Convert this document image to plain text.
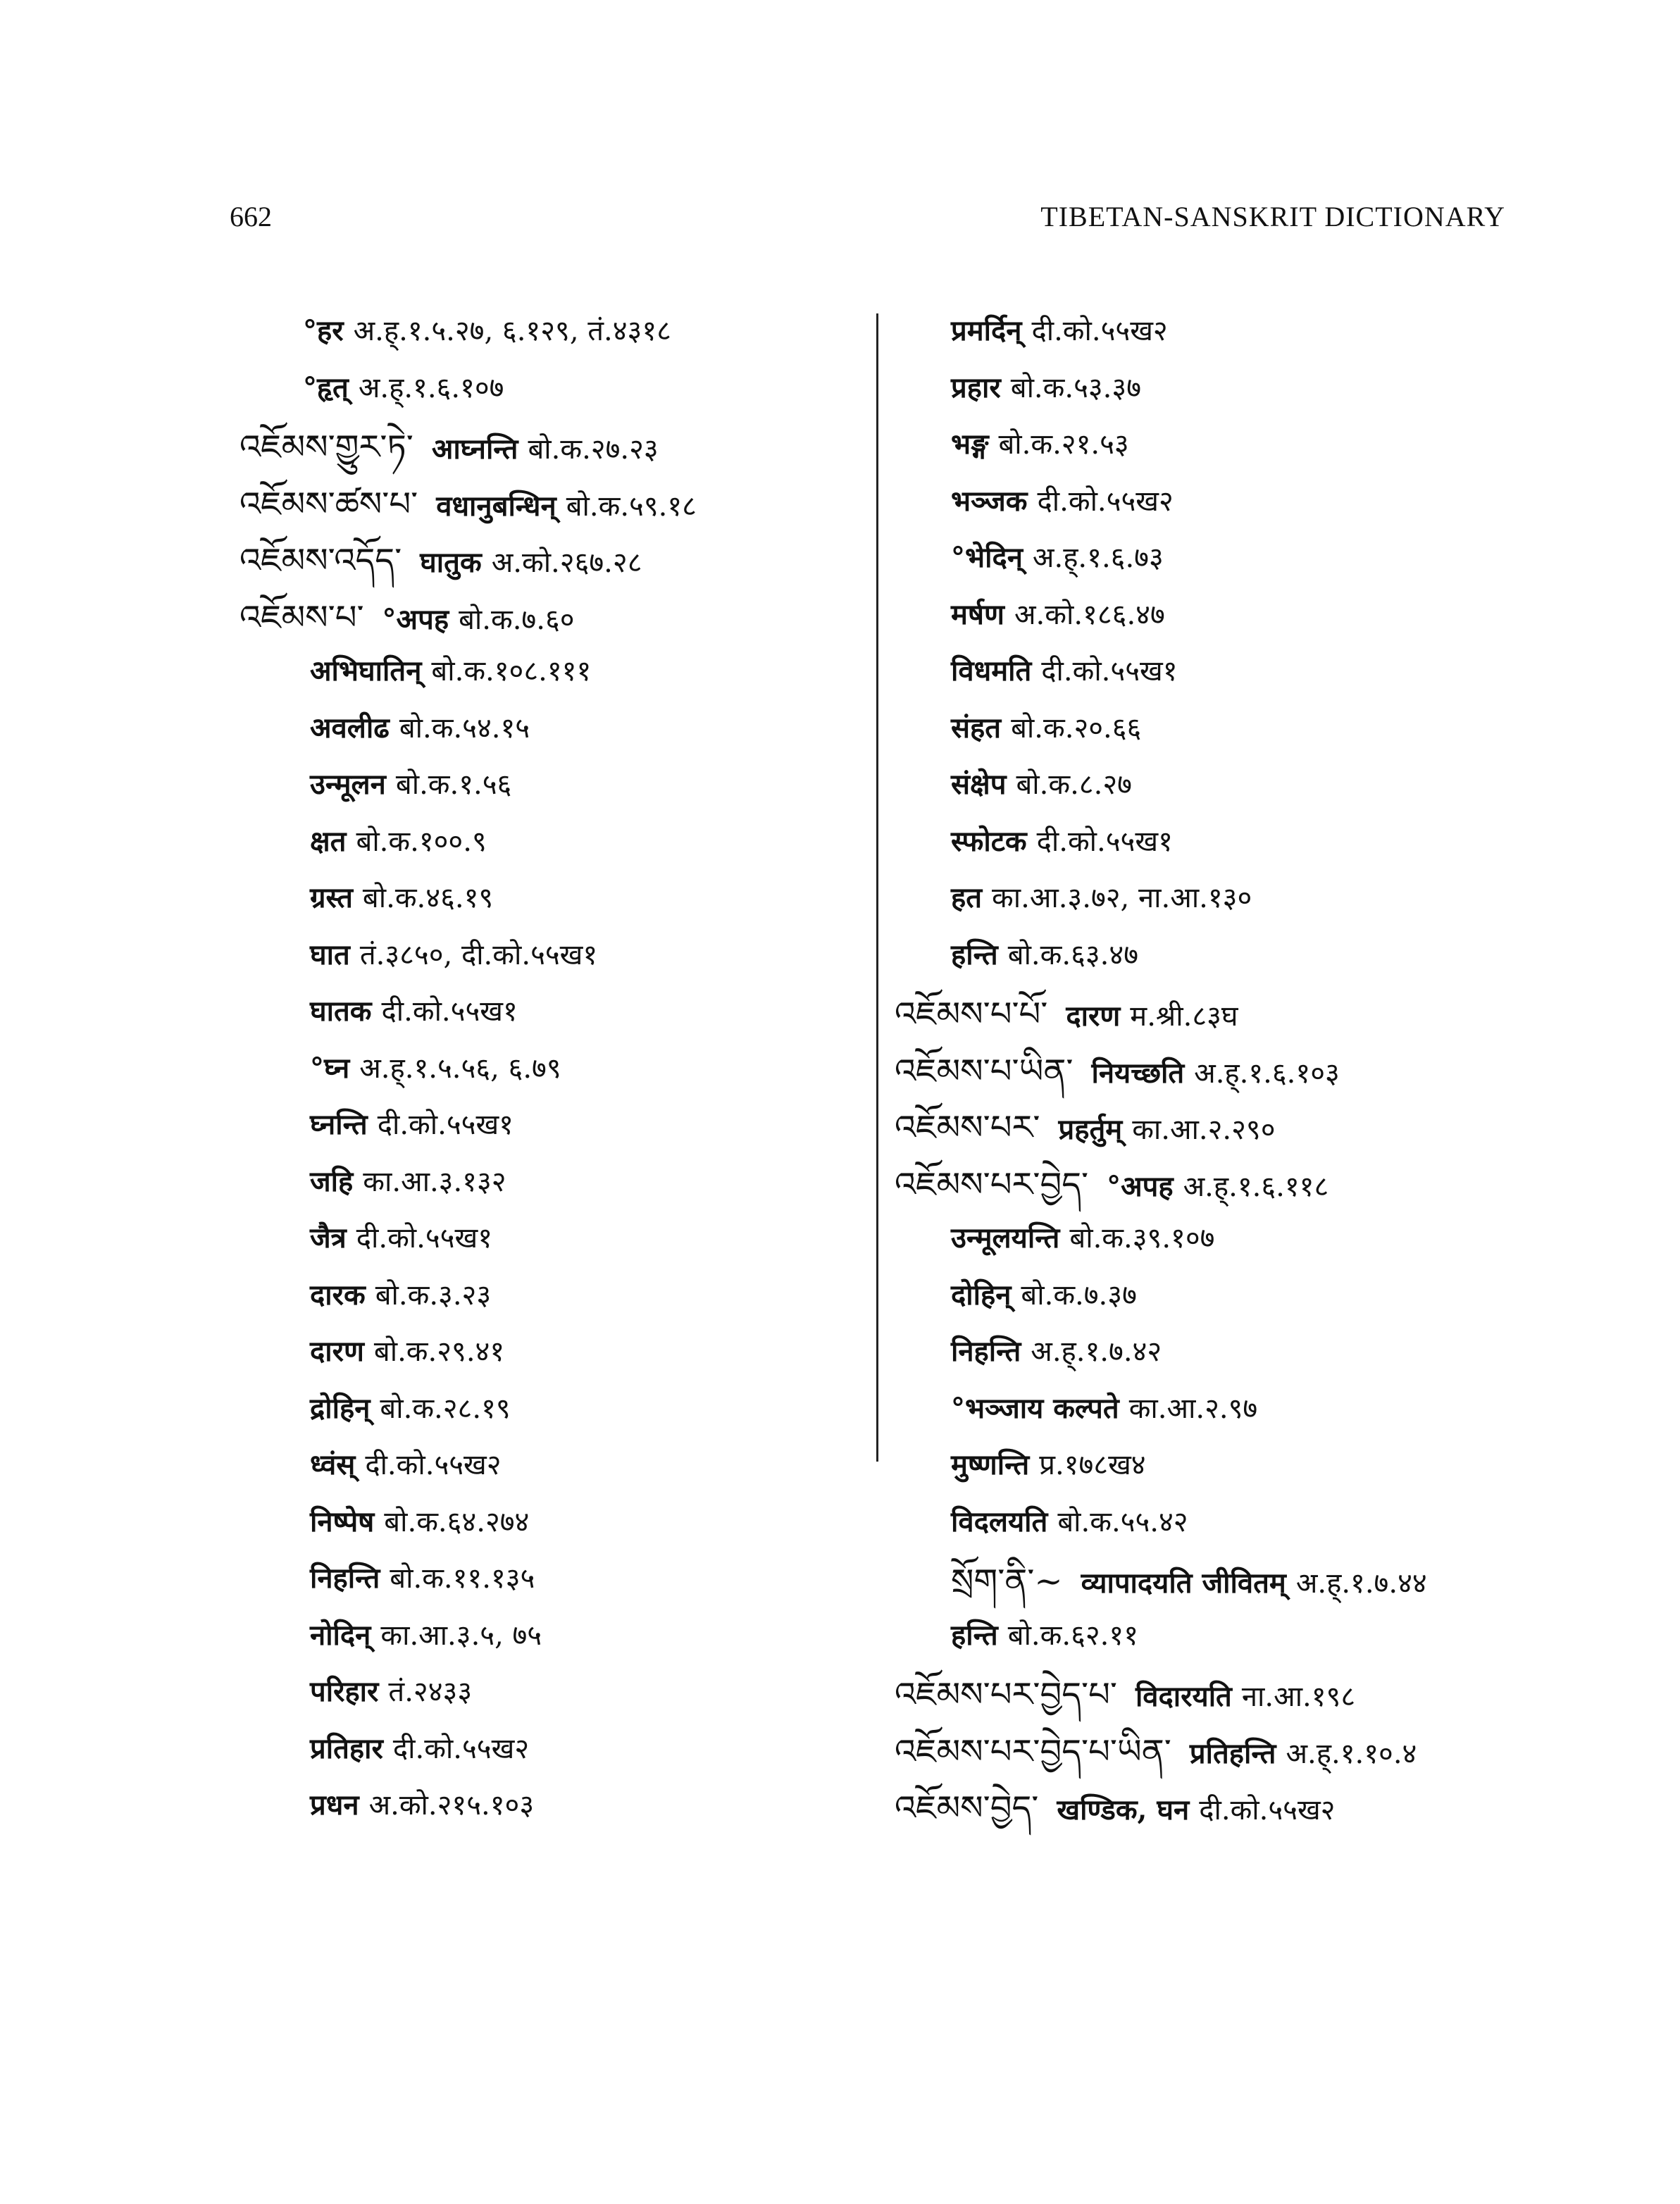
662	TIBETAN-SANSKRIT DICTIONARY
°हर अ.ह्.१.५.२७, ६.१२९, तं.४३१८
°हृत् अ.ह्.१.६.१०७
འཇོམས་གྱུར་ཏེ་ आघ्नन्ति बो.क.२७.२३
འཇོམས་ཚས་པ་ वधानुबन्धिन् बो.क.५९.१८
འཇོམས་འདོད་ घातुक अ.को.२६७.२८
འཇོམས་པ་ °अपह बो.क.७.६०
अभिघातिन् बो.क.१०८.१११
अवलीढ बो.क.५४.१५
उन्मूलन बो.क.१.५६
क्षत बो.क.१००.९
ग्रस्त बो.क.४६.१९
घात तं.३८५०, दी.को.५५ख१
घातक दी.को.५५ख१
°घ्न अ.ह्.१.५.५६, ६.७९
घ्नन्ति दी.को.५५ख१
जहि का.आ.३.१३२
जैत्र दी.को.५५ख१
दारक बो.क.३.२३
दारण बो.क.२९.४१
द्रोहिन् बो.क.२८.१९
ध्वंस् दी.को.५५ख२
निष्पेष बो.क.६४.२७४
निहन्ति बो.क.११.१३५
नोदिन् का.आ.३.५, ७५
परिहार तं.२४३३
प्रतिहार दी.को.५५ख२
प्रधन अ.को.२१५.१०३
प्रमर्दिन् दी.को.५५ख२
प्रहार बो.क.५३.३७
भङ्ग बो.क.२१.५३
भञ्जक दी.को.५५ख२
°भेदिन् अ.ह्.१.६.७३
मर्षण अ.को.१८६.४७
विधमति दी.को.५५ख१
संहत बो.क.२०.६६
संक्षेप बो.क.८.२७
स्फोटक दी.को.५५ख१
हत का.आ.३.७२, ना.आ.१३०
हन्ति बो.क.६३.४७
འཇོམས་པ་པོ་ दारण म.श्री.८३घ
འཇོམས་པ་ཡིན་ नियच्छति अ.ह्.१.६.१०३
འཇོམས་པར་ प्रहर्तुम् का.आ.२.२९०
འཇོམས་པར་བྱེད་ °अपह अ.ह्.१.६.११८
उन्मूलयन्ति बो.क.३९.१०७
दोहिन् बो.क.७.३७
निहन्ति अ.ह्.१.७.४२
°भञ्जाय कल्पते का.आ.२.९७
मुष्णन्ति प्र.१७८ख४
विदलयति बो.क.५५.४२
སྲོག་ནི་~ व्यापादयति जीवितम् अ.ह्.१.७.४४
हन्ति बो.क.६२.११
འཇོམས་པར་བྱེད་པ་ विदारयति ना.आ.१९८
འཇོམས་པར་བྱེད་པ་ཡིན་ प्रतिहन्ति अ.ह्.१.१०.४
འཇོམས་བྱེད་ खण्डिक, घन दी.को.५५ख२
